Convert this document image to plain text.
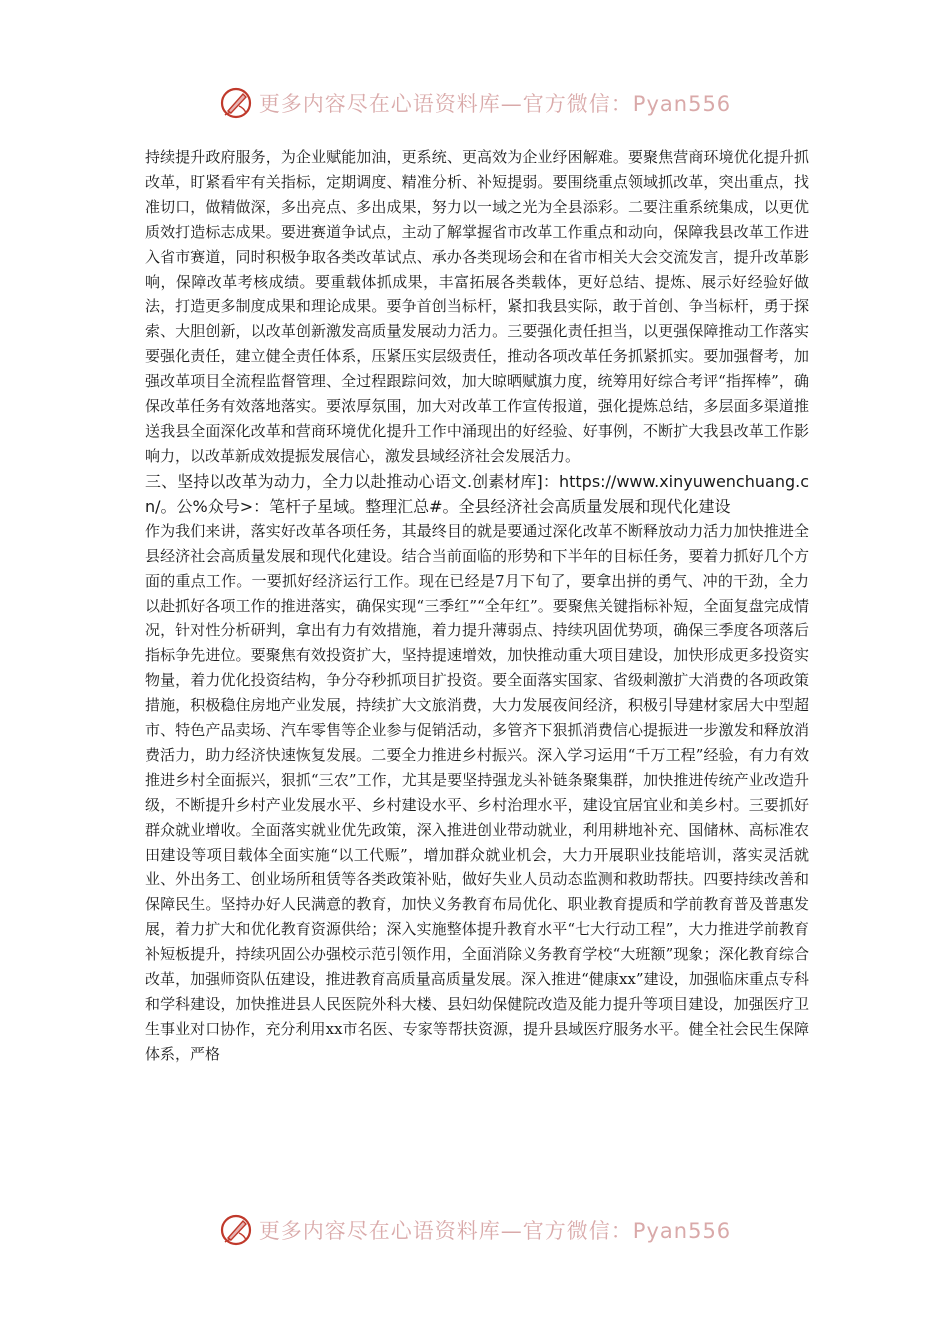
更多内容尽在心语资料库—官方微信：Pyan556

持续提升政府服务，为企业赋能加油，更系统、更高效为企业纾困解难。要聚焦营商环境优化提升抓改革，盯紧看牢有关指标，定期调度、精准分析、补短提弱。要围绕重点领域抓改革，突出重点，找准切口，做精做深，多出亮点、多出成果，努力以一域之光为全县添彩。二要注重系统集成，以更优质效打造标志成果。要进赛道争试点，主动了解掌握省市改革工作重点和动向，保障我县改革工作进入省市赛道，同时积极争取各类改革试点、承办各类现场会和在省市相关大会交流发言，提升改革影响，保障改革考核成绩。要重载体抓成果，丰富拓展各类载体，更好总结、提炼、展示好经验好做法，打造更多制度成果和理论成果。要争首创当标杆，紧扣我县实际，敢于首创、争当标杆，勇于探索、大胆创新，以改革创新激发高质量发展动力活力。三要强化责任担当，以更强保障推动工作落实要强化责任，建立健全责任体系，压紧压实层级责任，推动各项改革任务抓紧抓实。要加强督考，加强改革项目全流程监督管理、全过程跟踪问效，加大晾晒赋旗力度，统筹用好综合考评“指挥棒”，确保改革任务有效落地落实。要浓厚氛围，加大对改革工作宣传报道，强化提炼总结，多层面多渠道推送我县全面深化改革和营商环境优化提升工作中涌现出的好经验、好事例，不断扩大我县改革工作影响力，以改革新成效提振发展信心，激发县域经济社会发展活力。

三、坚持以改革为动力，全力以赴推动心语文.创素材库]：https://www.xinyuwenchuang.cn/。公%众号>：笔杆子星域。整理汇总#。全县经济社会高质量发展和现代化建设

作为我们来讲，落实好改革各项任务，其最终目的就是要通过深化改革不断释放动力活力加快推进全县经济社会高质量发展和现代化建设。结合当前面临的形势和下半年的目标任务，要着力抓好几个方面的重点工作。一要抓好经济运行工作。现在已经是7月下旬了，要拿出拼的勇气、冲的干劲，全力以赴抓好各项工作的推进落实，确保实现“三季红”“全年红”。要聚焦关键指标补短，全面复盘完成情况，针对性分析研判，拿出有力有效措施，着力提升薄弱点、持续巩固优势项，确保三季度各项落后指标争先进位。要聚焦有效投资扩大，坚持提速增效，加快推动重大项目建设，加快形成更多投资实物量，着力优化投资结构，争分夺秒抓项目扩投资。要全面落实国家、省级刺激扩大消费的各项政策措施，积极稳住房地产业发展，持续扩大文旅消费，大力发展夜间经济，积极引导建材家居大中型超市、特色产品卖场、汽车零售等企业参与促销活动，多管齐下狠抓消费信心提振进一步激发和释放消费活力，助力经济快速恢复发展。二要全力推进乡村振兴。深入学习运用“千万工程”经验，有力有效推进乡村全面振兴，狠抓“三农”工作，尤其是要坚持强龙头补链条聚集群，加快推进传统产业改造升级，不断提升乡村产业发展水平、乡村建设水平、乡村治理水平，建设宜居宜业和美乡村。三要抓好群众就业增收。全面落实就业优先政策，深入推进创业带动就业，利用耕地补充、国储林、高标准农田建设等项目载体全面实施“以工代赈”，增加群众就业机会，大力开展职业技能培训，落实灵活就业、外出务工、创业场所租赁等各类政策补贴，做好失业人员动态监测和救助帮扶。四要持续改善和保障民生。坚持办好人民满意的教育，加快义务教育布局优化、职业教育提质和学前教育普及普惠发展，着力扩大和优化教育资源供给；深入实施整体提升教育水平“七大行动工程”，大力推进学前教育补短板提升，持续巩固公办强校示范引领作用，全面消除义务教育学校“大班额”现象；深化教育综合改革，加强师资队伍建设，推进教育高质量高质量发展。深入推进“健康xx”建设，加强临床重点专科和学科建设，加快推进县人民医院外科大楼、县妇幼保健院改造及能力提升等项目建设，加强医疗卫生事业对口协作，充分利用xx市名医、专家等帮扶资源，提升县域医疗服务水平。健全社会民生保障体系，严格

更多内容尽在心语资料库—官方微信：Pyan556
